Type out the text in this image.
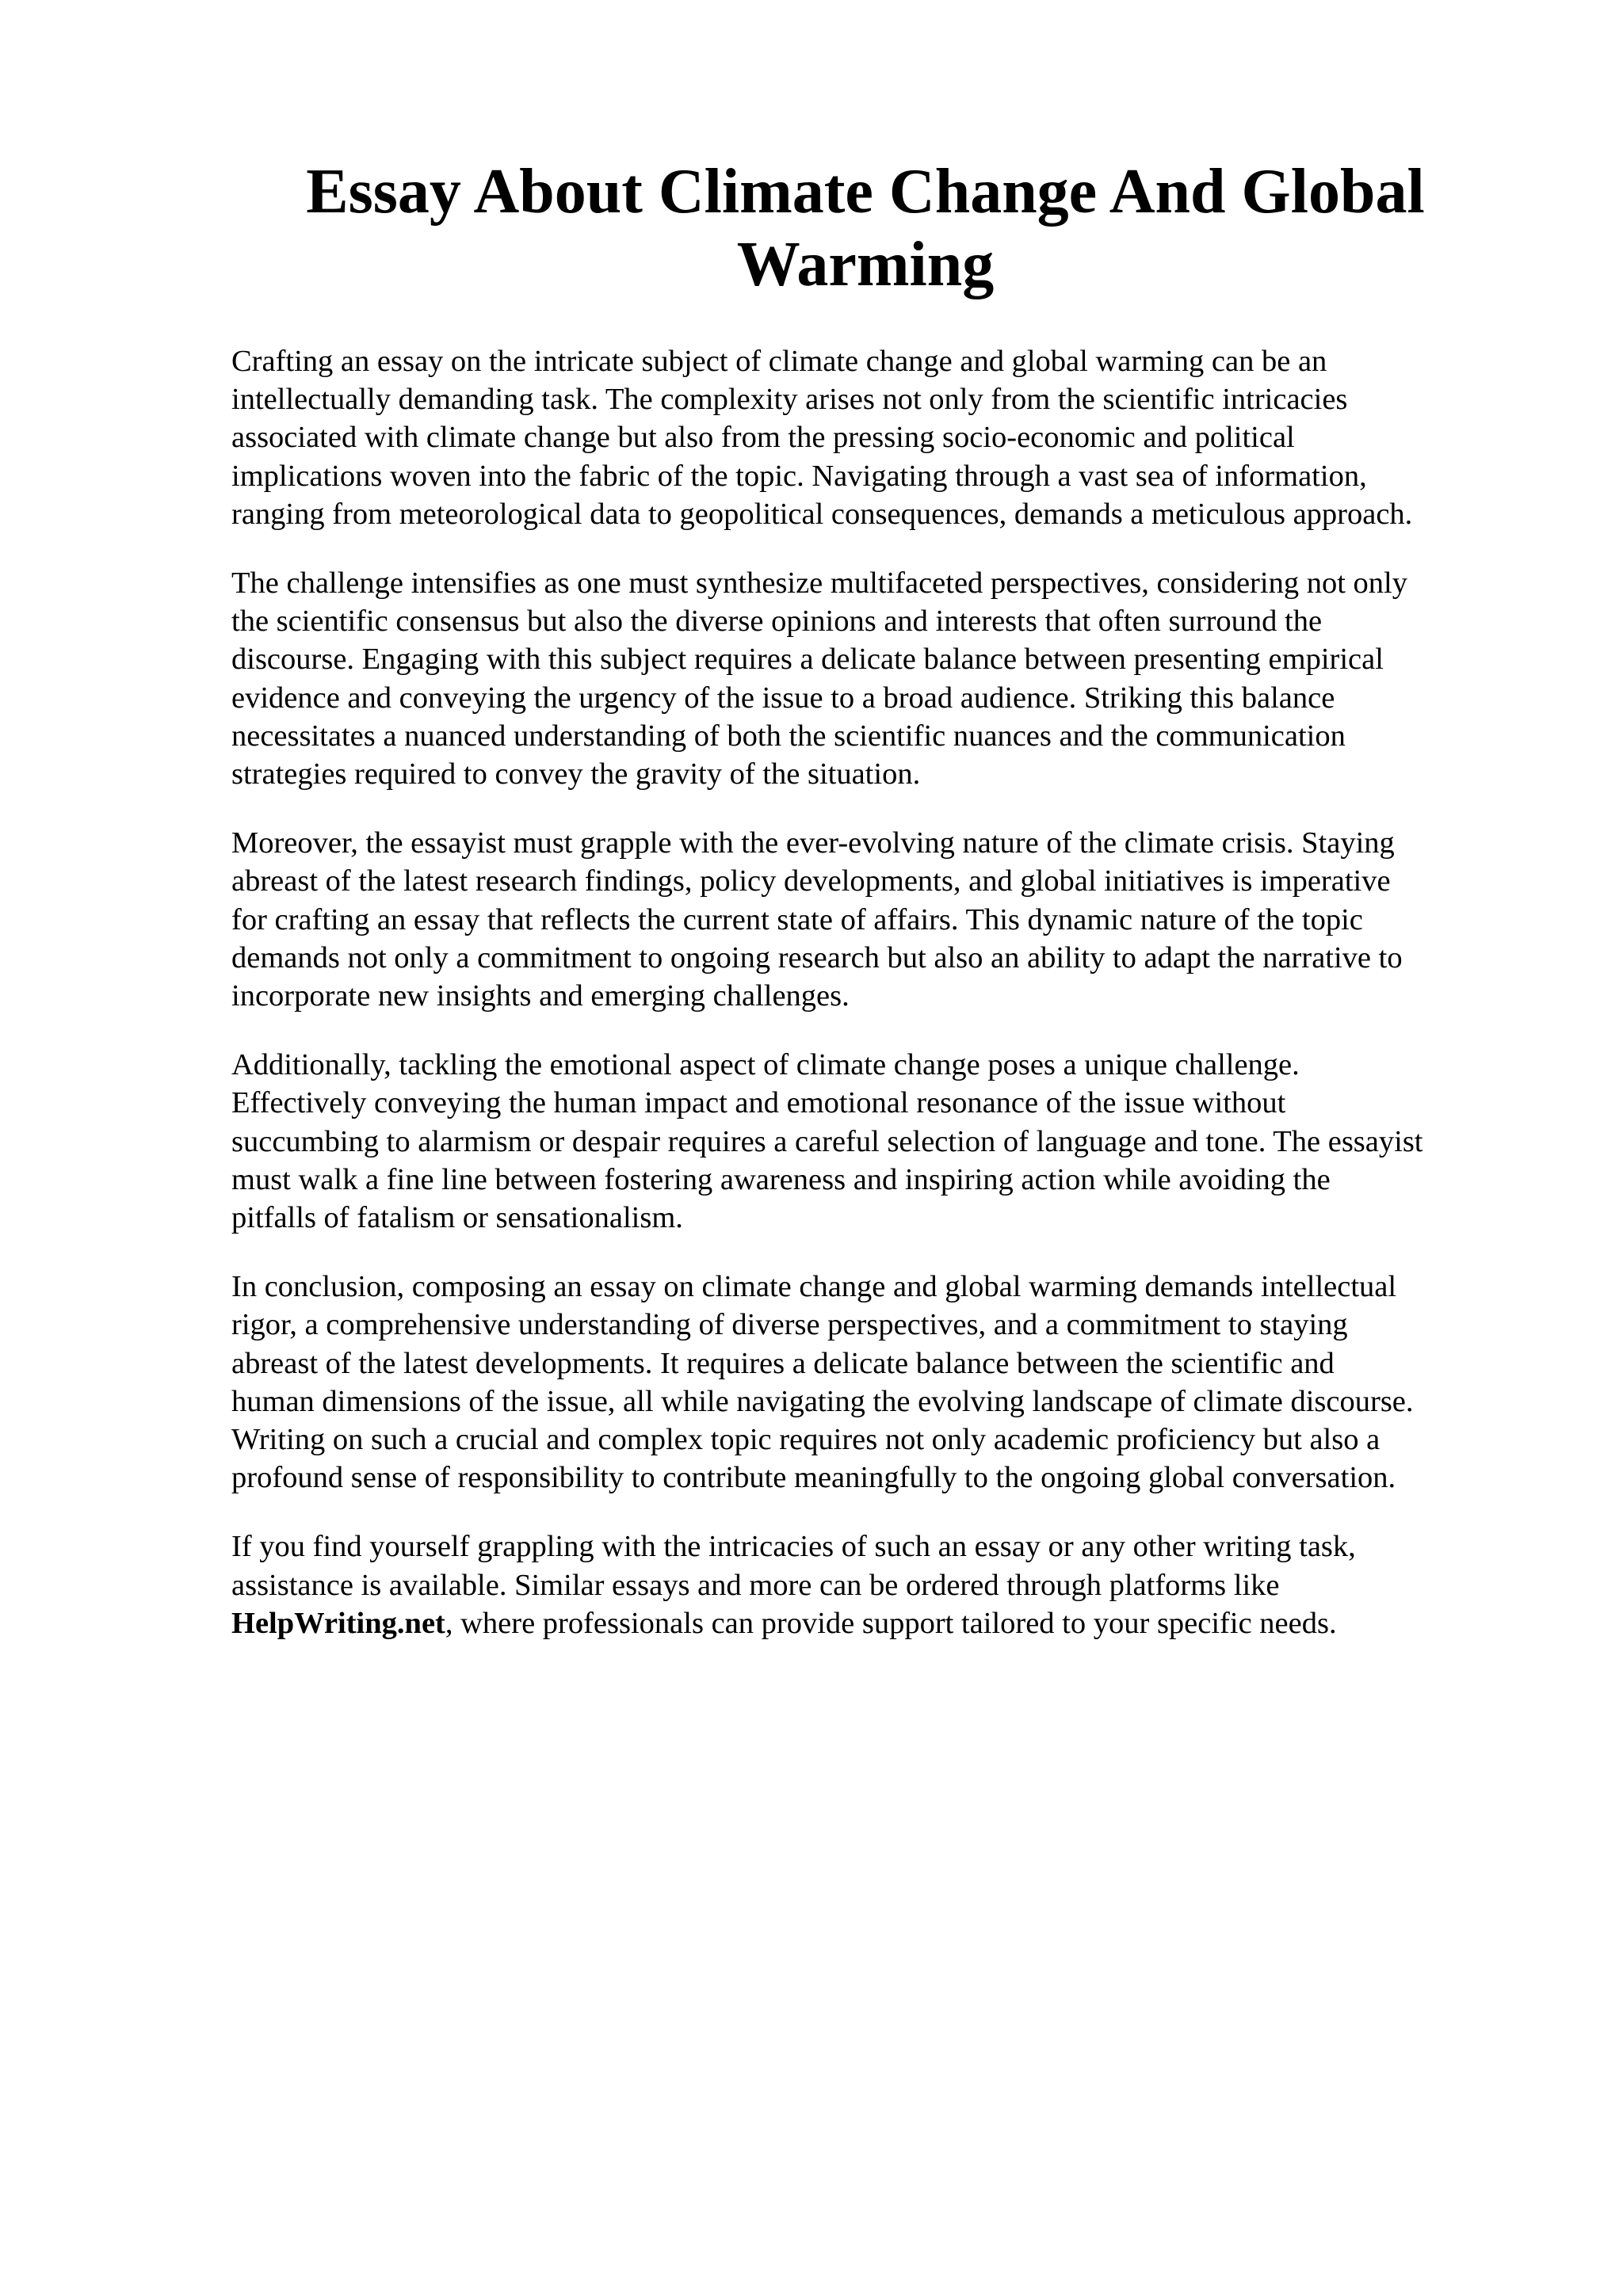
Essay About Climate Change And Global
Warming

Crafting an essay on the intricate subject of climate change and global warming can be an
intellectually demanding task. The complexity arises not only from the scientific intricacies
associated with climate change but also from the pressing socio-economic and political
implications woven into the fabric of the topic. Navigating through a vast sea of information,
ranging from meteorological data to geopolitical consequences, demands a meticulous approach.

The challenge intensifies as one must synthesize multifaceted perspectives, considering not only
the scientific consensus but also the diverse opinions and interests that often surround the
discourse. Engaging with this subject requires a delicate balance between presenting empirical
evidence and conveying the urgency of the issue to a broad audience. Striking this balance
necessitates a nuanced understanding of both the scientific nuances and the communication
strategies required to convey the gravity of the situation.

Moreover, the essayist must grapple with the ever-evolving nature of the climate crisis. Staying
abreast of the latest research findings, policy developments, and global initiatives is imperative
for crafting an essay that reflects the current state of affairs. This dynamic nature of the topic
demands not only a commitment to ongoing research but also an ability to adapt the narrative to
incorporate new insights and emerging challenges.

Additionally, tackling the emotional aspect of climate change poses a unique challenge.
Effectively conveying the human impact and emotional resonance of the issue without
succumbing to alarmism or despair requires a careful selection of language and tone. The essayist
must walk a fine line between fostering awareness and inspiring action while avoiding the
pitfalls of fatalism or sensationalism.

In conclusion, composing an essay on climate change and global warming demands intellectual
rigor, a comprehensive understanding of diverse perspectives, and a commitment to staying
abreast of the latest developments. It requires a delicate balance between the scientific and
human dimensions of the issue, all while navigating the evolving landscape of climate discourse.
Writing on such a crucial and complex topic requires not only academic proficiency but also a
profound sense of responsibility to contribute meaningfully to the ongoing global conversation.

If you find yourself grappling with the intricacies of such an essay or any other writing task,
assistance is available. Similar essays and more can be ordered through platforms like
HelpWriting.net, where professionals can provide support tailored to your specific needs.
